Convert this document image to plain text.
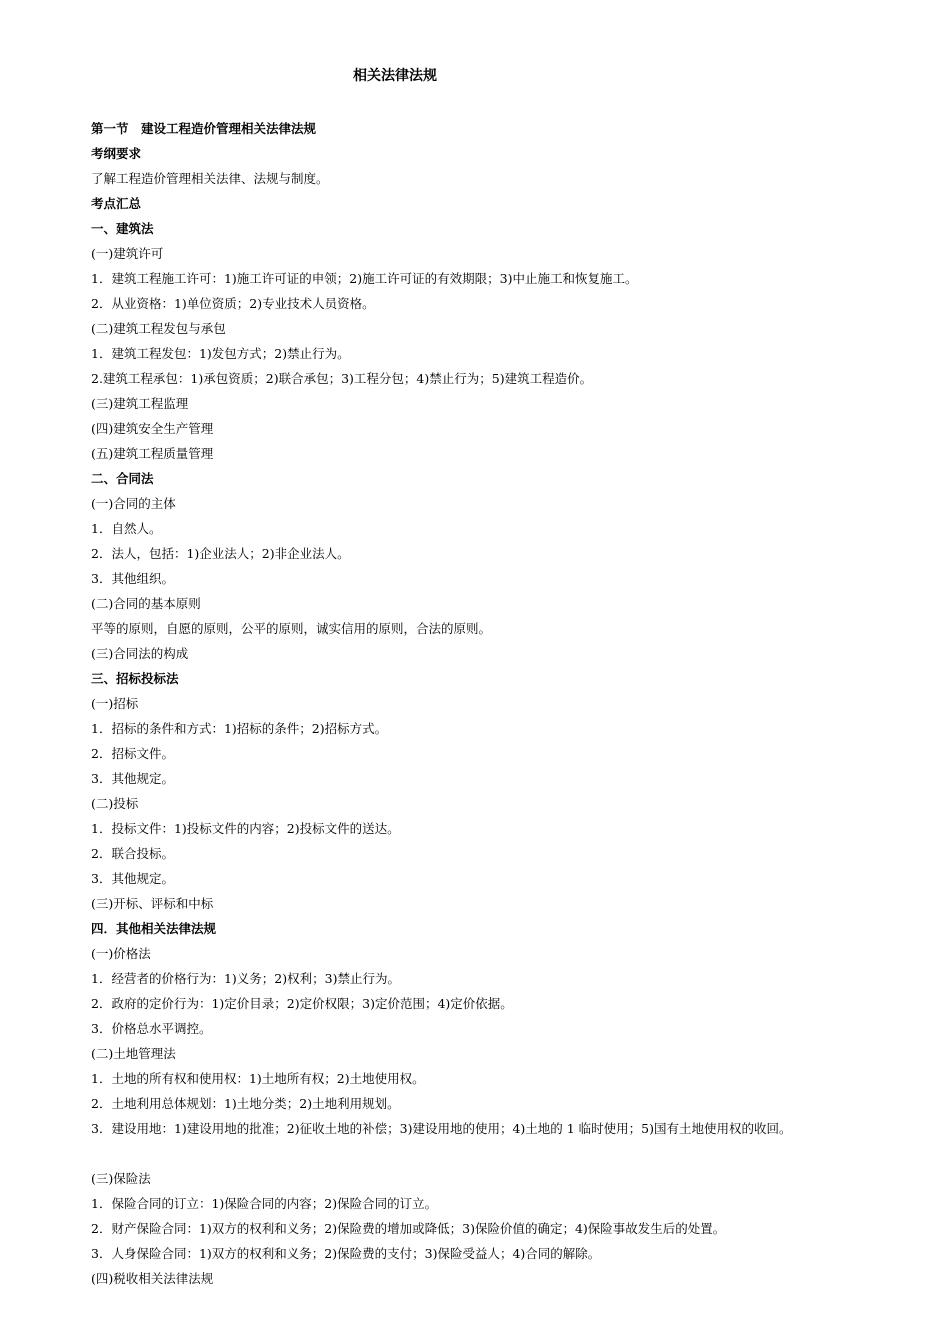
相关法律法规
第一节　建设工程造价管理相关法律法规
考纲要求
了解工程造价管理相关法律、法规与制度。
考点汇总
一、建筑法
(一)建筑许可
1．建筑工程施工许可：1)施工许可证的申领；2)施工许可证的有效期限；3)中止施工和恢复施工。
2．从业资格：1)单位资质；2)专业技术人员资格。
(二)建筑工程发包与承包
1．建筑工程发包：1)发包方式；2)禁止行为。
2.建筑工程承包：1)承包资质；2)联合承包；3)工程分包；4)禁止行为；5)建筑工程造价。
(三)建筑工程监理
(四)建筑安全生产管理
(五)建筑工程质量管理
二、合同法
(一)合同的主体
1．自然人。
2．法人，包括：1)企业法人；2)非企业法人。
3．其他组织。
(二)合同的基本原则
平等的原则，自愿的原则，公平的原则，诚实信用的原则，合法的原则。
(三)合同法的构成
三、招标投标法
(一)招标
1．招标的条件和方式：1)招标的条件；2)招标方式。
2．招标文件。
3．其他规定。
(二)投标
1．投标文件：1)投标文件的内容；2)投标文件的送达。
2．联合投标。
3．其他规定。
(三)开标、评标和中标
四．其他相关法律法规
(一)价格法
1．经营者的价格行为：1)义务；2)权利；3)禁止行为。
2．政府的定价行为：1)定价目录；2)定价权限；3)定价范围；4)定价依据。
3．价格总水平调控。
(二)土地管理法
1．土地的所有权和使用权：1)土地所有权；2)土地使用权。
2．土地利用总体规划：1)土地分类；2)土地利用规划。
3．建设用地：1)建设用地的批准；2)征收土地的补偿；3)建设用地的使用；4)土地的 1 临时使用；5)国有土地使用权的收回。
(三)保险法
1．保险合同的订立：1)保险合同的内容；2)保险合同的订立。
2．财产保险合同：1)双方的权利和义务；2)保险费的增加或降低；3)保险价值的确定；4)保险事故发生后的处置。
3．人身保险合同：1)双方的权利和义务；2)保险费的支付；3)保险受益人；4)合同的解除。
(四)税收相关法律法规
